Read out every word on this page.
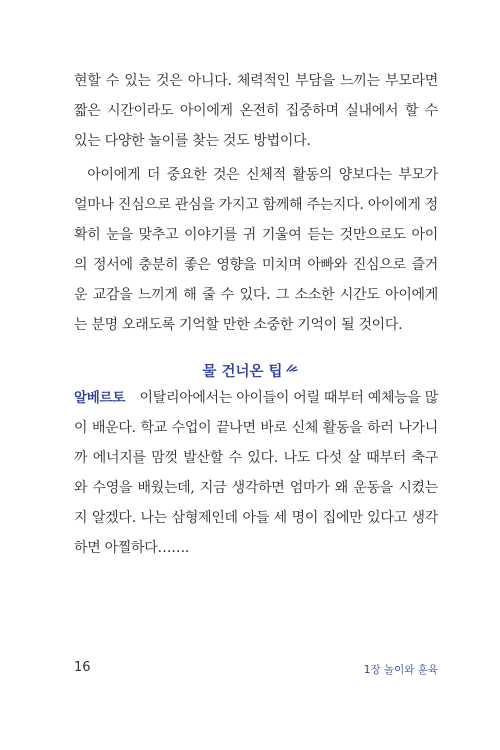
현할 수 있는 것은 아니다. 체력적인 부담을 느끼는 부모라면
짧은 시간이라도 아이에게 온전히 집중하며 실내에서 할 수
있는 다양한 놀이를 찾는 것도 방법이다.
아이에게 더 중요한 것은 신체적 활동의 양보다는 부모가
얼마나 진심으로 관심을 가지고 함께해 주는지다. 아이에게 정
확히 눈을 맞추고 이야기를 귀 기울여 듣는 것만으로도 아이
의 정서에 충분히 좋은 영향을 미치며 아빠와 진심으로 즐거
운 교감을 느끼게 해 줄 수 있다. 그 소소한 시간도 아이에게
는 분명 오래도록 기억할 만한 소중한 기억이 될 것이다.
물 건너온 팁
알베르토 이탈리아에서는 아이들이 어릴 때부터 예체능을 많
이 배운다. 학교 수업이 끝나면 바로 신체 활동을 하러 나가니
까 에너지를 맘껏 발산할 수 있다. 나도 다섯 살 때부터 축구
와 수영을 배웠는데, 지금 생각하면 엄마가 왜 운동을 시켰는
지 알겠다. 나는 삼형제인데 아들 세 명이 집에만 있다고 생각
하면 아찔하다…….
16	1장 놀이와 훈육
